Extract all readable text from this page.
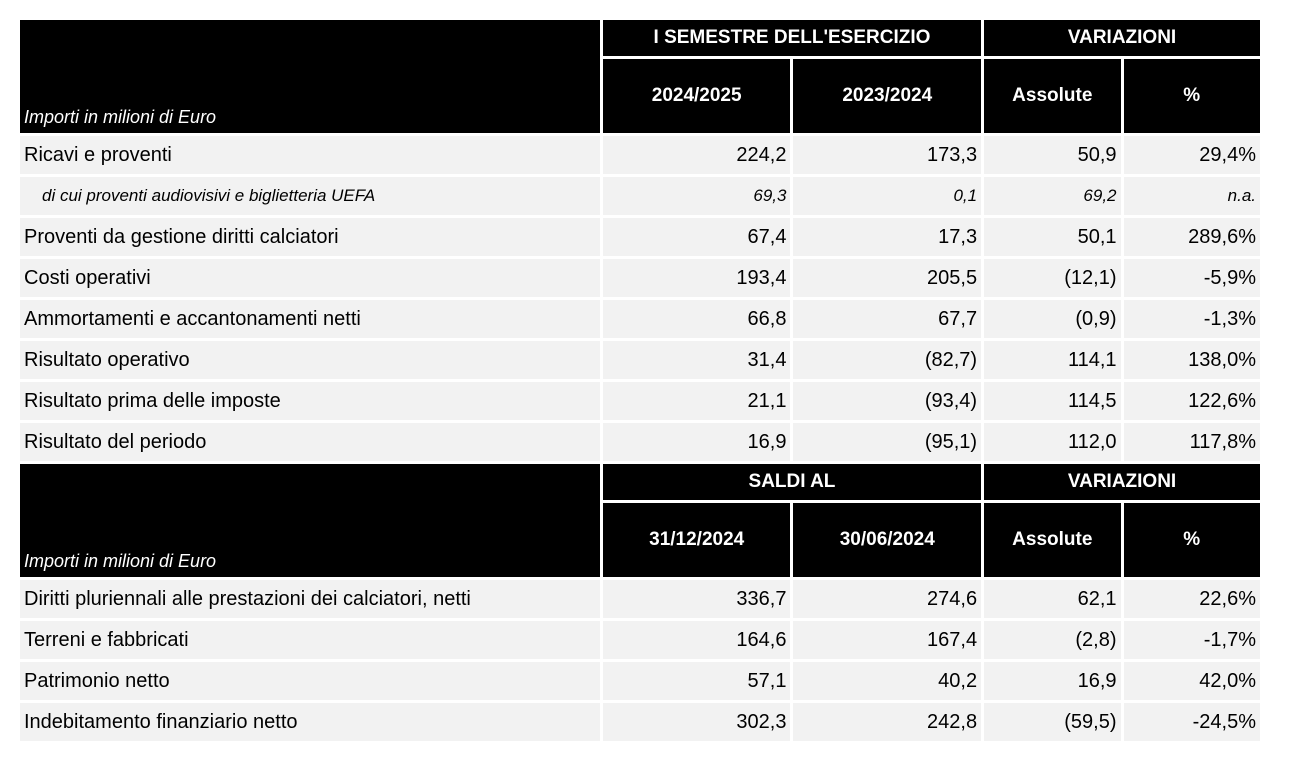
Importi in milioni di Euro	I SEMESTRE DELL'ESERCIZIO		VARIAZIONI	
	2024/2025	2023/2024	Assolute	%
Ricavi e proventi	224,2	173,3	50,9	29,4%
di cui proventi audiovisivi e biglietteria UEFA	69,3	0,1	69,2	n.a.
Proventi da gestione diritti calciatori	67,4	17,3	50,1	289,6%
Costi operativi	193,4	205,5	(12,1)	-5,9%
Ammortamenti e accantonamenti netti	66,8	67,7	(0,9)	-1,3%
Risultato operativo	31,4	(82,7)	114,1	138,0%
Risultato prima delle imposte	21,1	(93,4)	114,5	122,6%
Risultato del periodo	16,9	(95,1)	112,0	117,8%
Importi in milioni di Euro	SALDI AL		VARIAZIONI	
	31/12/2024	30/06/2024	Assolute	%
Diritti pluriennali alle prestazioni dei calciatori, netti	336,7	274,6	62,1	22,6%
Terreni e fabbricati	164,6	167,4	(2,8)	-1,7%
Patrimonio netto	57,1	40,2	16,9	42,0%
Indebitamento finanziario netto	302,3	242,8	(59,5)	-24,5%
